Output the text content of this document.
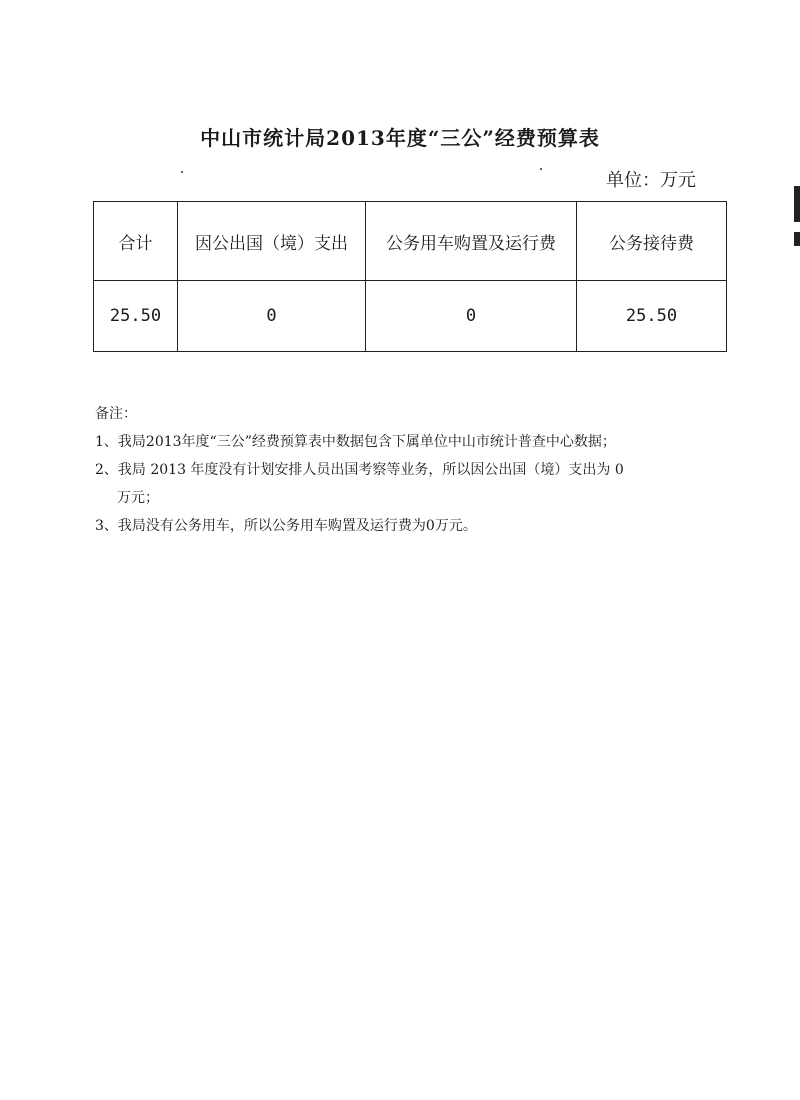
中山市统计局2013年度“三公”经费预算表
单位：万元
合计	因公出国（境）支出	公务用车购置及运行费	公务接待费
25.50	0	0	25.50
备注：
1、我局2013年度“三公”经费预算表中数据包含下属单位中山市统计普查中心数据；
2、我局 2013 年度没有计划安排人员出国考察等业务，所以因公出国（境）支出为 0
万元；
3、我局没有公务用车，所以公务用车购置及运行费为0万元。
